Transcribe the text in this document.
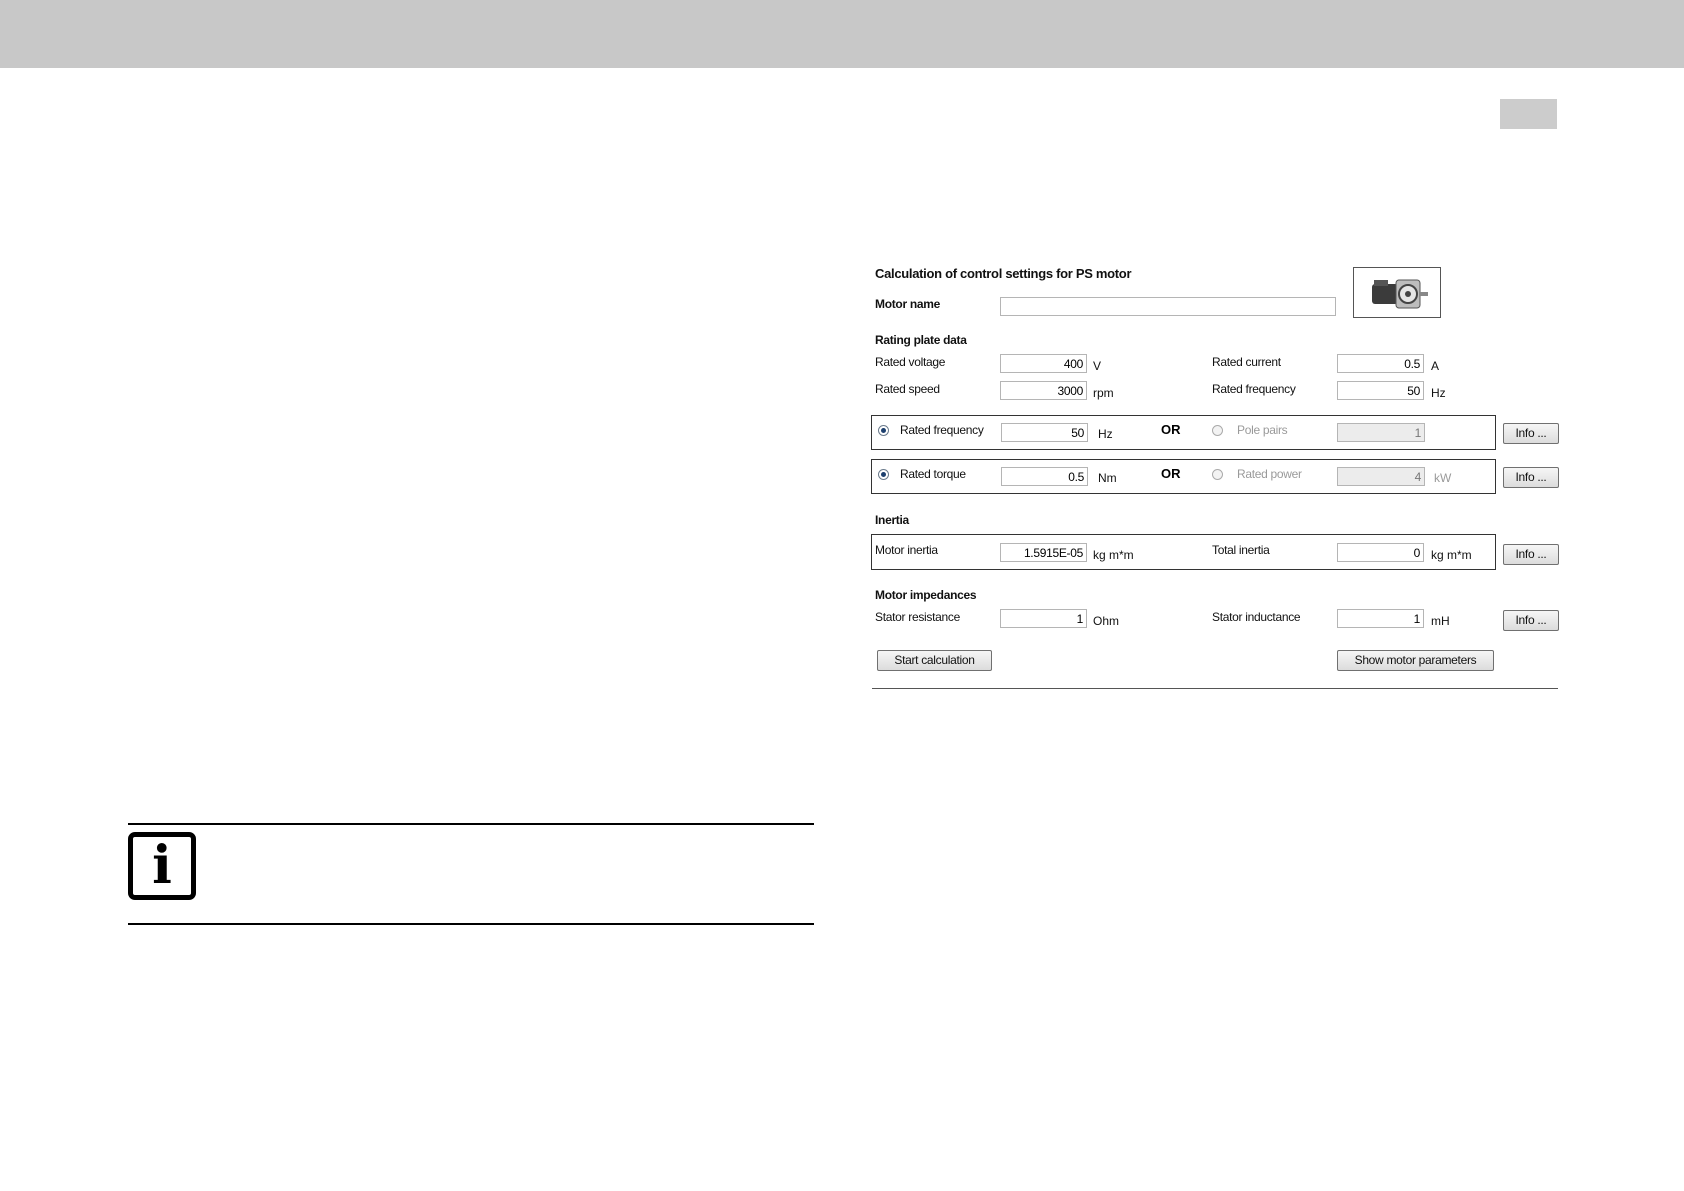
Calculation of control settings for PS motor
Motor name
Rating plate data
Rated voltage	400 V	Rated current	0.5 A
Rated speed	3000 rpm	Rated frequency	50 Hz
Rated frequency	50	Hz	OR	Pole pairs	1	Info ...
Rated torque	0.5	Nm	OR	Rated power	4	kW	Info ...
Inertia
Motor inertia	1.5915E-05 kg m*m	Total inertia	0 kg m*m	Info ...
Motor impedances
Stator resistance	1 Ohm	Stator inductance	1 mH	Info ...
Start calculation	Show motor parameters
i
